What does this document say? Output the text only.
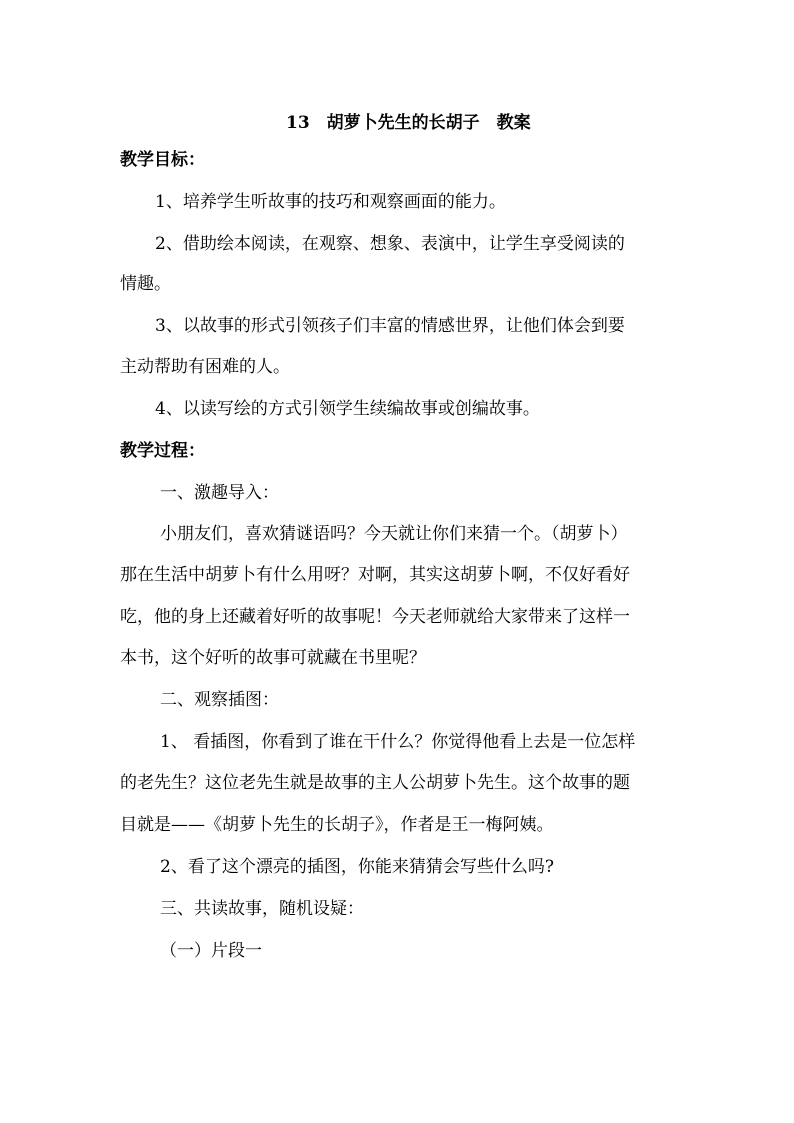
13　胡萝卜先生的长胡子　教案
教学目标：
1、培养学生听故事的技巧和观察画面的能力。
2、借助绘本阅读，在观察、想象、表演中，让学生享受阅读的
情趣。
3、以故事的形式引领孩子们丰富的情感世界，让他们体会到要
主动帮助有困难的人。
4、以读写绘的方式引领学生续编故事或创编故事。
教学过程：
一、激趣导入：
小朋友们，喜欢猜谜语吗？今天就让你们来猜一个。（胡萝卜）
那在生活中胡萝卜有什么用呀？对啊，其实这胡萝卜啊，不仅好看好
吃，他的身上还藏着好听的故事呢！今天老师就给大家带来了这样一
本书，这个好听的故事可就藏在书里呢？
二、观察插图：
1、 看插图，你看到了谁在干什么？你觉得他看上去是一位怎样
的老先生？这位老先生就是故事的主人公胡萝卜先生。这个故事的题
目就是——《胡萝卜先生的长胡子》，作者是王一梅阿姨。
2、看了这个漂亮的插图，你能来猜猜会写些什么吗?
三、共读故事，随机设疑：
（一）片段一
